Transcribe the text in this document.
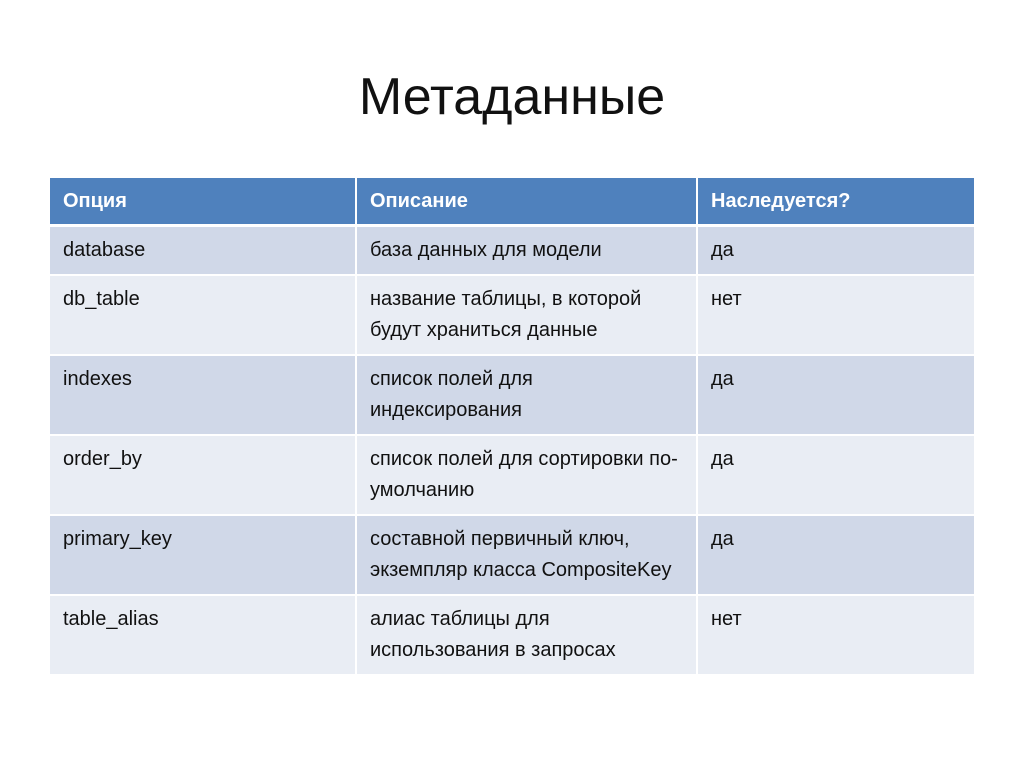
Метаданные
Опция	Описание	Наследуется?
database	база данных для модели	да
db_table	название таблицы, в которой будут храниться данные	нет
indexes	список полей для индексирования	да
order_by	список полей для сортировки по-умолчанию	да
primary_key	составной первичный ключ, экземпляр класса CompositeKey	да
table_alias	алиас таблицы для использования в запросах	нет
